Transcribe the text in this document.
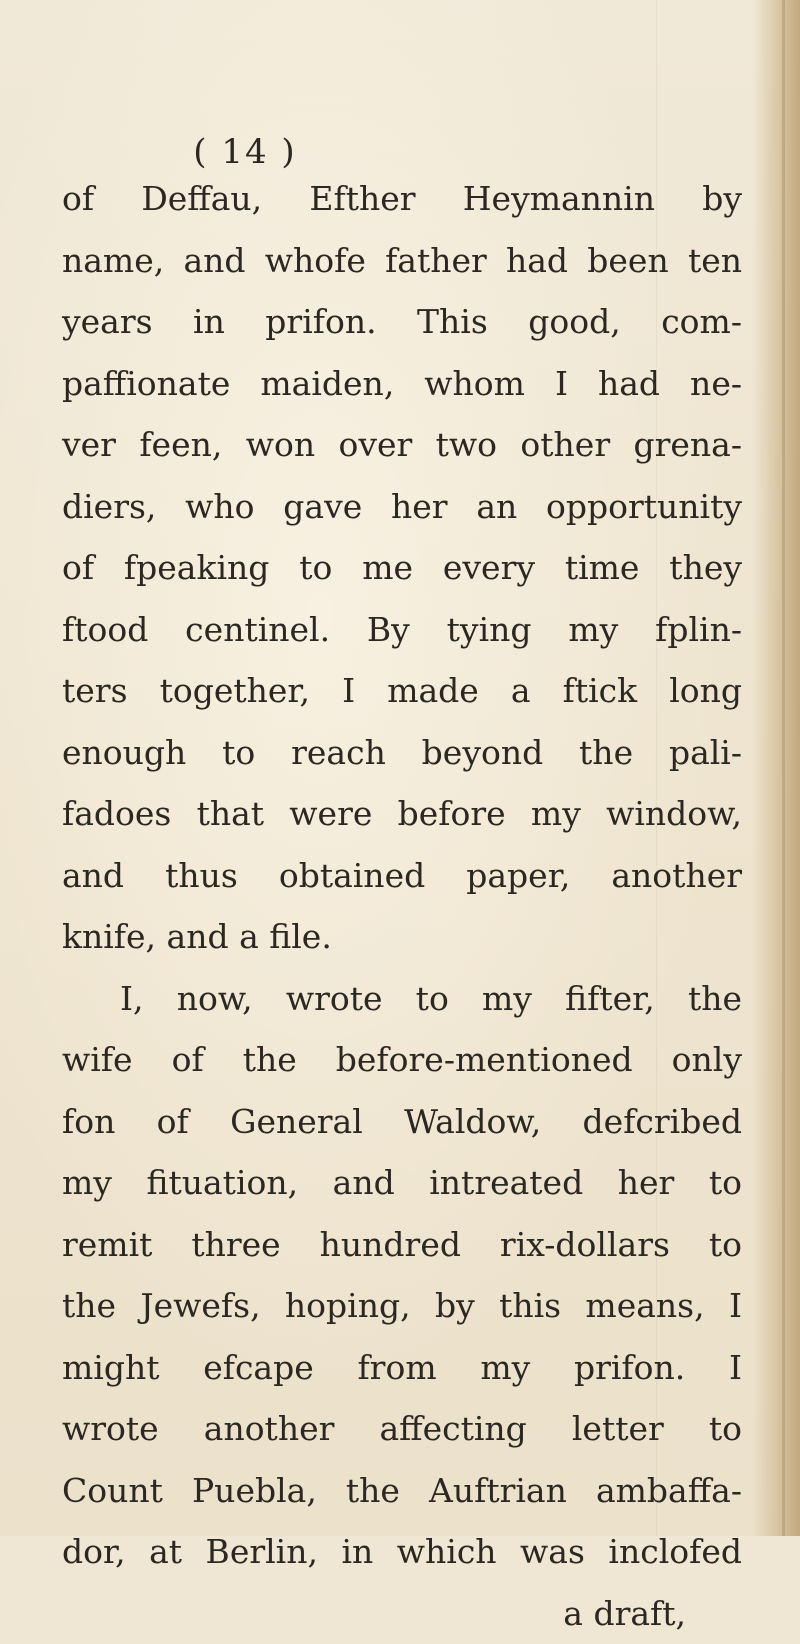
( 14 )
of Deffau, Efther Heymannin by
name, and whofe father had been ten
years in prifon. This good, com-
paffionate maiden, whom I had ne-
ver feen, won over two other grena-
diers, who gave her an opportunity
of fpeaking to me every time they
ftood centinel. By tying my fplin-
ters together, I made a ftick long
enough to reach beyond the pali-
fadoes that were before my window,
and thus obtained paper, another
knife, and a file.
I, now, wrote to my fifter, the
wife of the before-mentioned only
fon of General Waldow, defcribed
my fituation, and intreated her to
remit three hundred rix-dollars to
the Jewefs, hoping, by this means, I
might efcape from my prifon. I
wrote another affecting letter to
Count Puebla, the Auftrian ambaffa-
dor, at Berlin, in which was inclofed
a draft,
